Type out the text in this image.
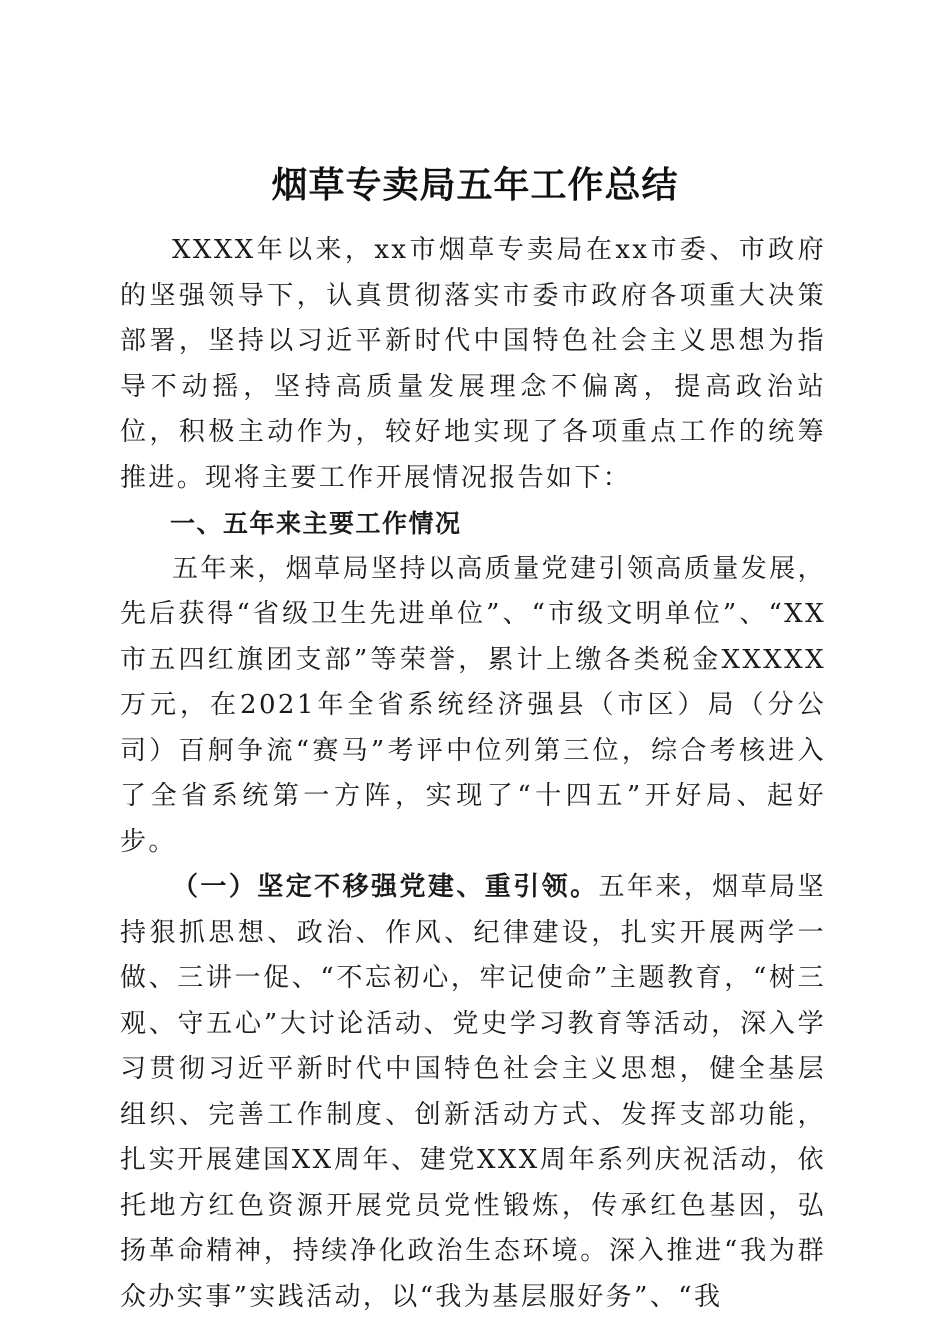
烟草专卖局五年工作总结

XXXX年以来，xx市烟草专卖局在xx市委、市政府的坚强领导下，认真贯彻落实市委市政府各项重大决策部署，坚持以习近平新时代中国特色社会主义思想为指导不动摇，坚持高质量发展理念不偏离，提高政治站位，积极主动作为，较好地实现了各项重点工作的统筹推进。现将主要工作开展情况报告如下：

一、五年来主要工作情况

五年来，烟草局坚持以高质量党建引领高质量发展，先后获得“省级卫生先进单位”、“市级文明单位”、“XX市五四红旗团支部”等荣誉，累计上缴各类税金XXXXX万元，在2021年全省系统经济强县（市区）局（分公司）百舸争流“赛马”考评中位列第三位，综合考核进入了全省系统第一方阵，实现了“十四五”开好局、起好步。

（一）坚定不移强党建、重引领。五年来，烟草局坚持狠抓思想、政治、作风、纪律建设，扎实开展两学一做、三讲一促、“不忘初心，牢记使命”主题教育，“树三观、守五心”大讨论活动、党史学习教育等活动，深入学习贯彻习近平新时代中国特色社会主义思想，健全基层组织、完善工作制度、创新活动方式、发挥支部功能，扎实开展建国XX周年、建党XXX周年系列庆祝活动，依托地方红色资源开展党员党性锻炼，传承红色基因，弘扬革命精神，持续净化政治生态环境。深入推进“我为群众办实事”实践活动，以“我为基层服好务”、“我
